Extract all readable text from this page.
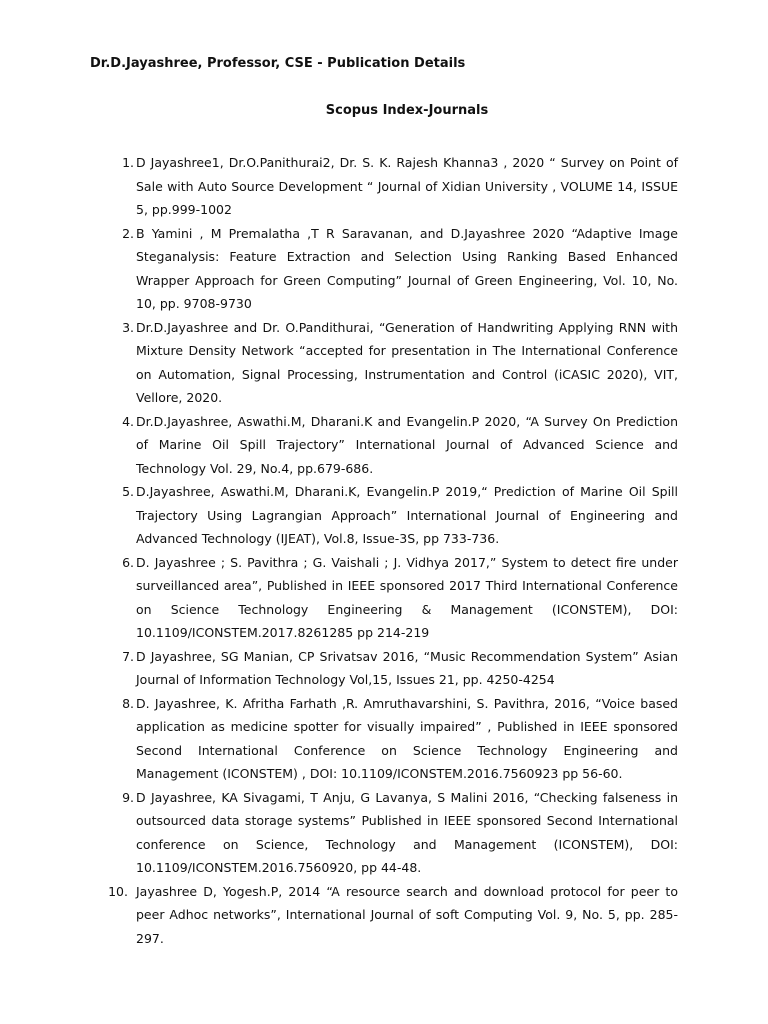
Dr.D.Jayashree, Professor, CSE - Publication Details
Scopus Index-Journals
1. D Jayashree1, Dr.O.Panithurai2, Dr. S. K. Rajesh Khanna3 , 2020 “ Survey on Point of Sale with Auto Source Development “ Journal of Xidian University , VOLUME 14, ISSUE 5, pp.999-1002
2. B Yamini , M Premalatha ,T R Saravanan, and D.Jayashree 2020 “Adaptive Image Steganalysis: Feature Extraction and Selection Using Ranking Based Enhanced Wrapper Approach for Green Computing” Journal of Green Engineering, Vol. 10, No. 10, pp. 9708-9730
3. Dr.D.Jayashree and Dr. O.Pandithurai, “Generation of Handwriting Applying RNN with Mixture Density Network “accepted for presentation in The International Conference on Automation, Signal Processing, Instrumentation and Control (iCASIC 2020), VIT, Vellore, 2020.
4. Dr.D.Jayashree, Aswathi.M, Dharani.K and Evangelin.P 2020, “A Survey On Prediction of Marine Oil Spill Trajectory” International Journal of Advanced Science and Technology Vol. 29, No.4, pp.679-686.
5. D.Jayashree, Aswathi.M, Dharani.K, Evangelin.P 2019,“ Prediction of Marine Oil Spill Trajectory Using Lagrangian Approach” International Journal of Engineering and Advanced Technology (IJEAT), Vol.8, Issue-3S, pp 733-736.
6. D. Jayashree ; S. Pavithra ; G. Vaishali ; J. Vidhya 2017,” System to detect fire under surveillanced area”, Published in IEEE sponsored 2017 Third International Conference on Science Technology Engineering & Management (ICONSTEM), DOI: 10.1109/ICONSTEM.2017.8261285 pp 214-219
7. D Jayashree, SG Manian, CP Srivatsav 2016, “Music Recommendation System” Asian Journal of Information Technology Vol,15, Issues 21, pp. 4250-4254
8. D. Jayashree, K. Afritha Farhath ,R. Amruthavarshini, S. Pavithra, 2016, “Voice based application as medicine spotter for visually impaired” , Published in IEEE sponsored Second International Conference on Science Technology Engineering and Management (ICONSTEM) , DOI: 10.1109/ICONSTEM.2016.7560923 pp 56-60.
9. D Jayashree, KA Sivagami, T Anju, G Lavanya, S Malini 2016, “Checking falseness in outsourced data storage systems” Published in IEEE sponsored Second International conference on Science, Technology and Management (ICONSTEM), DOI: 10.1109/ICONSTEM.2016.7560920, pp 44-48.
10. Jayashree D, Yogesh.P, 2014 “A resource search and download protocol for peer to peer Adhoc networks”, International Journal of soft Computing Vol. 9, No. 5, pp. 285-297.
